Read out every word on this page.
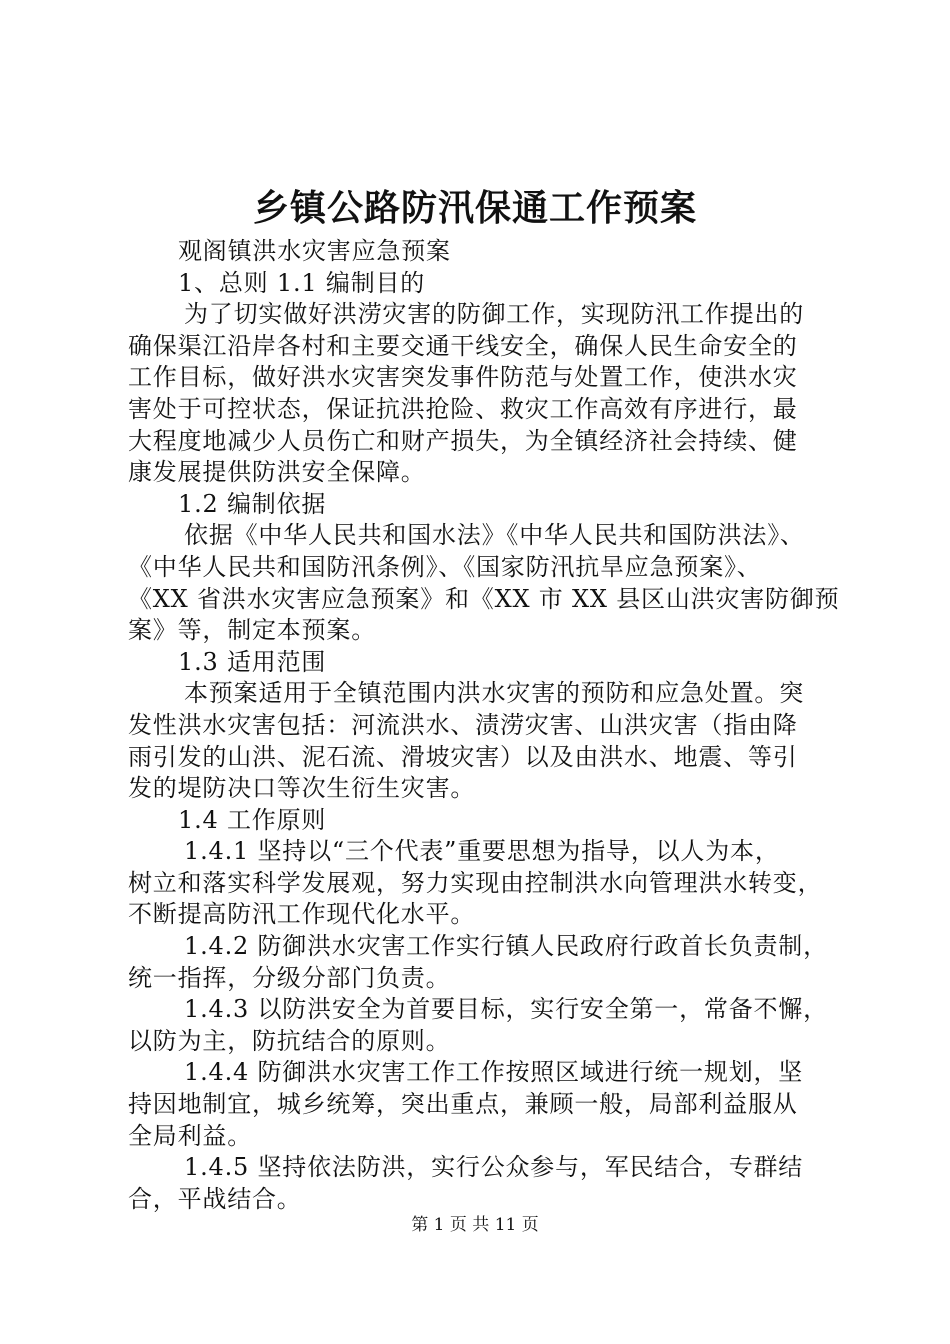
乡镇公路防汛保通工作预案
观阁镇洪水灾害应急预案
1、总则 1.1 编制目的
为了切实做好洪涝灾害的防御工作，实现防汛工作提出的
确保渠江沿岸各村和主要交通干线安全，确保人民生命安全的
工作目标，做好洪水灾害突发事件防范与处置工作，使洪水灾
害处于可控状态，保证抗洪抢险、救灾工作高效有序进行，最
大程度地减少人员伤亡和财产损失，为全镇经济社会持续、健
康发展提供防洪安全保障。
1.2 编制依据
依据《中华人民共和国水法》《中华人民共和国防洪法》、
《中华人民共和国防汛条例》、《国家防汛抗旱应急预案》、
《XX 省洪水灾害应急预案》和《XX 市 XX 县区山洪灾害防御预
案》等，制定本预案。
1.3 适用范围
本预案适用于全镇范围内洪水灾害的预防和应急处置。突
发性洪水灾害包括：河流洪水、渍涝灾害、山洪灾害（指由降
雨引发的山洪、泥石流、滑坡灾害）以及由洪水、地震、等引
发的堤防决口等次生衍生灾害。
1.4 工作原则
1.4.1 坚持以“三个代表”重要思想为指导，以人为本，
树立和落实科学发展观，努力实现由控制洪水向管理洪水转变，
不断提高防汛工作现代化水平。
1.4.2 防御洪水灾害工作实行镇人民政府行政首长负责制，
统一指挥，分级分部门负责。
1.4.3 以防洪安全为首要目标，实行安全第一，常备不懈，
以防为主，防抗结合的原则。
1.4.4 防御洪水灾害工作工作按照区域进行统一规划，坚
持因地制宜，城乡统筹，突出重点，兼顾一般，局部利益服从
全局利益。
1.4.5 坚持依法防洪，实行公众参与，军民结合，专群结
合，平战结合。
第 1 页 共 11 页
